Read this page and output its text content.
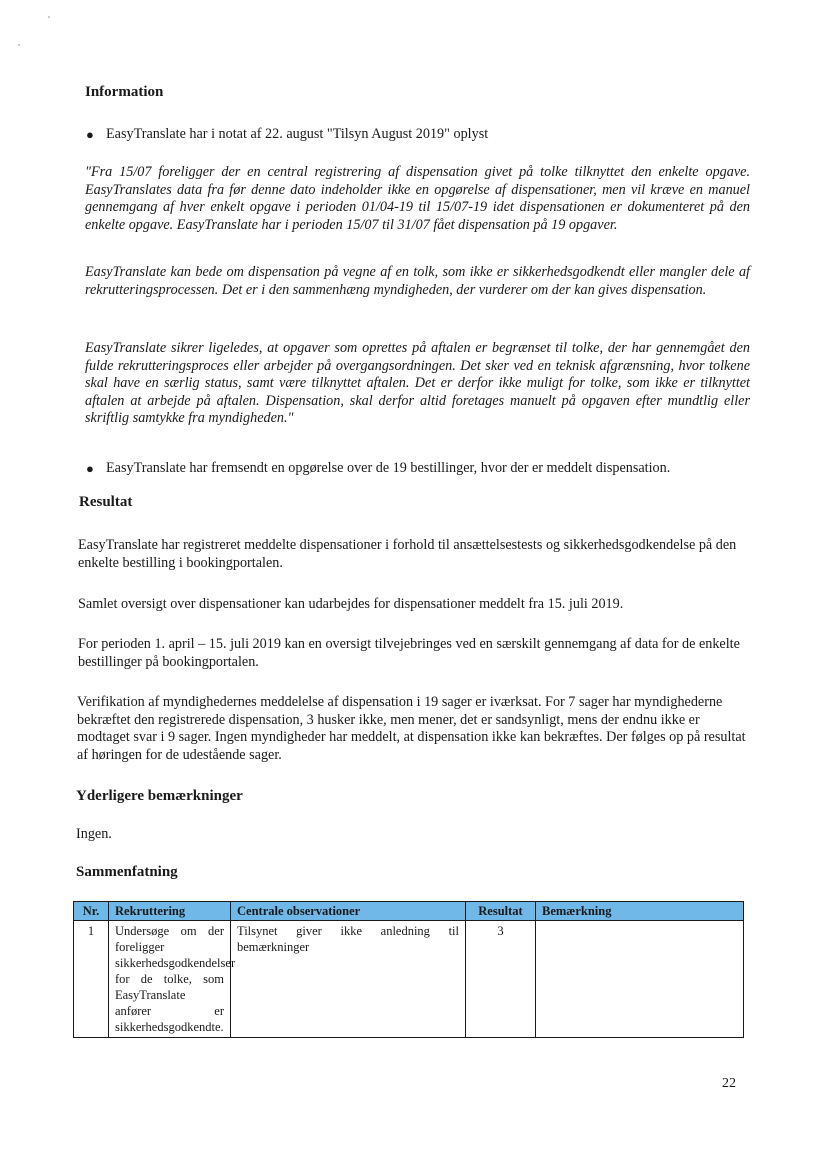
Information
● EasyTranslate har i notat af 22. august "Tilsyn August 2019" oplyst

"Fra 15/07 foreligger der en central registrering af dispensation givet på tolke tilknyttet den enkelte opgave. EasyTranslates data fra før denne dato indeholder ikke en opgørelse af dispensationer, men vil kræve en manuel gennemgang af hver enkelt opgave i perioden 01/04-19 til 15/07-19 idet dispensationen er dokumenteret på den enkelte opgave. EasyTranslate har i perioden 15/07 til 31/07 fået dispensation på 19 opgaver.

EasyTranslate kan bede om dispensation på vegne af en tolk, som ikke er sikkerhedsgodkendt eller mangler dele af rekrutteringsprocessen. Det er i den sammenhæng myndigheden, der vurderer om der kan gives dispensation.

EasyTranslate sikrer ligeledes, at opgaver som oprettes på aftalen er begrænset til tolke, der har gennemgået den fulde rekrutteringsproces eller arbejder på overgangsordningen. Det sker ved en teknisk afgrænsning, hvor tolkene skal have en særlig status, samt være tilknyttet aftalen. Det er derfor ikke muligt for tolke, som ikke er tilknyttet aftalen at arbejde på aftalen. Dispensation, skal derfor altid foretages manuelt på opgaven efter mundtlig eller skriftlig samtykke fra myndigheden."

● EasyTranslate har fremsendt en opgørelse over de 19 bestillinger, hvor der er meddelt dispensation.
Resultat

EasyTranslate har registreret meddelte dispensationer i forhold til ansættelsestests og sikkerhedsgodkendelse på den enkelte bestilling i bookingportalen.

Samlet oversigt over dispensationer kan udarbejdes for dispensationer meddelt fra 15. juli 2019.

For perioden 1. april – 15. juli 2019 kan en oversigt tilvejebringes ved en særskilt gennemgang af data for de enkelte bestillinger på bookingportalen.

Verifikation af myndighedernes meddelelse af dispensation i 19 sager er iværksat. For 7 sager har myndighederne bekræftet den registrerede dispensation, 3 husker ikke, men mener, det er sandsynligt, mens der endnu ikke er modtaget svar i 9 sager. Ingen myndigheder har meddelt, at dispensation ikke kan bekræftes. Der følges op på resultat af høringen for de udestående sager.

Yderligere bemærkninger

Ingen.

Sammenfatning
Nr.	Rekruttering	Centrale observationer	Resultat	Bemærkning
1	Undersøge om der foreligger sikkerhedsgodkendelser for de tolke, som EasyTranslate anfører er sikkerhedsgodkendte.	Tilsynet giver ikke anledning til bemærkninger	3	
22
